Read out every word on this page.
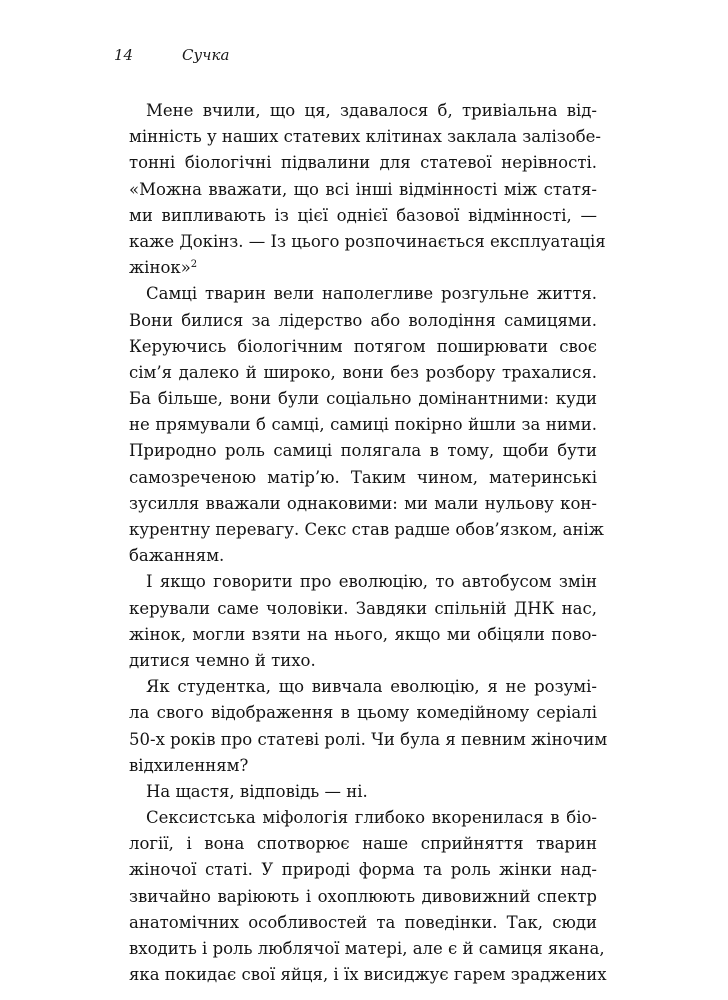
14	Сучка
Мене вчили, що ця, здавалося б, тривіальна від-
мінність у наших статевих клітинах заклала залізобе-
тонні біологічні підвалини для статевої нерівності.
«Можна вважати, що всі інші відмінності між статя-
ми випливають із цієї однієї базової відмінності, —
каже Докінз. — Із цього розпочинається експлуатація
жінок»$^2$
Самці тварин вели наполегливе розгульне життя.
Вони билися за лідерство або володіння самицями.
Керуючись біологічним потягом поширювати своє
сім’я далеко й широко, вони без розбору трахалися.
Ба більше, вони були соціально домінантними: куди
не прямували б самці, самиці покірно йшли за ними.
Природно роль самиці полягала в тому, щоби бути
самозреченою матір’ю. Таким чином, материнські
зусилля вважали однаковими: ми мали нульову кон-
курентну перевагу. Секс став радше обов’язком, аніж
бажанням.
І якщо говорити про еволюцію, то автобусом змін
керували саме чоловіки. Завдяки спільній ДНК нас,
жінок, могли взяти на нього, якщо ми обіцяли пово-
дитися чемно й тихо.
Як студентка, що вивчала еволюцію, я не розумі-
ла свого відображення в цьому комедійному серіалі
50-х років про статеві ролі. Чи була я певним жіночим
відхиленням?
На щастя, відповідь — ні.
Сексистська міфологія глибоко вкоренилася в біо-
логії, і вона спотворює наше сприйняття тварин
жіночої статі. У природі форма та роль жінки над-
звичайно варіюють і охоплюють дивовижний спектр
анатомічних особливостей та поведінки. Так, сюди
входить і роль люблячої матері, але є й самиця якана,
яка покидає свої яйця, і їх висиджує гарем зраджених
